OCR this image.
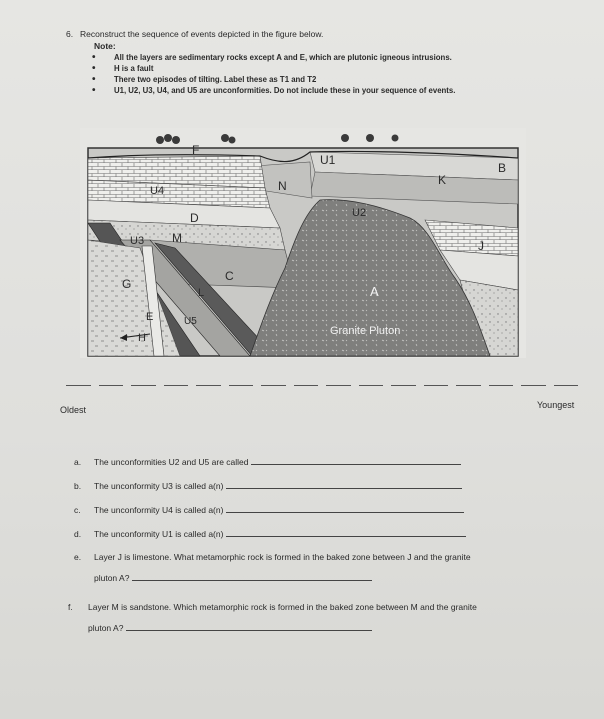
6. Reconstruct the sequence of events depicted in the figure below.
Note:
• All the layers are sedimentary rocks except A and E, which are plutonic igneous intrusions.
• H is a fault
• There two episodes of tilting. Label these as T1 and T2
• U1, U2, U3, U4, and U5 are unconformities. Do not include these in your sequence of events.
F
U1
B
N	K
U4
U2
D
U3 M
J
C
G
L	A
E	U5
H
Granite Pluton
Oldest	Youngest
a. The unconformities U2 and U5 are called
b. The unconformity U3 is called a(n)
c. The unconformity U4 is called a(n)
d. The unconformity U1 is called a(n)
e. Layer J is limestone. What metamorphic rock is formed in the baked zone between J and the granite
pluton A?
f. Layer M is sandstone. Which metamorphic rock is formed in the baked zone between M and the granite
pluton A?
